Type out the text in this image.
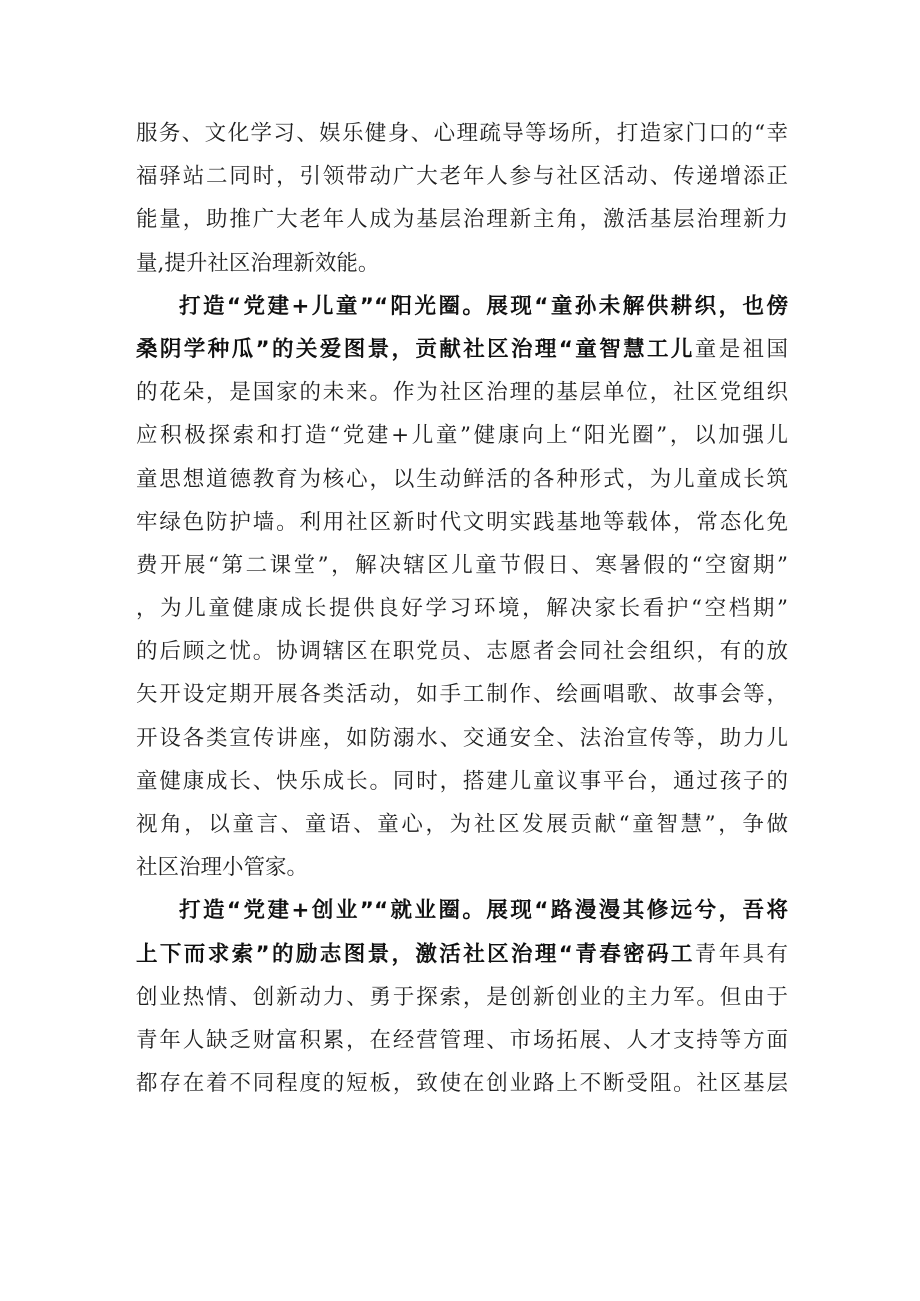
服务、文化学习、娱乐健身、心理疏导等场所，打造家门口的“幸
福驿站二同时，引领带动广大老年人参与社区活动、传递增添正
能量，助推广大老年人成为基层治理新主角，激活基层治理新力
量,提升社区治理新效能。
打造“党建+儿童”“阳光圈。展现“童孙未解供耕织，也傍
桑阴学种瓜”的关爱图景，贡献社区治理“童智慧工儿童是祖国
的花朵，是国家的未来。作为社区治理的基层单位，社区党组织
应积极探索和打造“党建+儿童”健康向上“阳光圈”，以加强儿
童思想道德教育为核心，以生动鲜活的各种形式，为儿童成长筑
牢绿色防护墙。利用社区新时代文明实践基地等载体，常态化免
费开展“第二课堂”，解决辖区儿童节假日、寒暑假的“空窗期”
，为儿童健康成长提供良好学习环境，解决家长看护“空档期”
的后顾之忧。协调辖区在职党员、志愿者会同社会组织，有的放
矢开设定期开展各类活动，如手工制作、绘画唱歌、故事会等，
开设各类宣传讲座，如防溺水、交通安全、法治宣传等，助力儿
童健康成长、快乐成长。同时，搭建儿童议事平台，通过孩子的
视角，以童言、童语、童心，为社区发展贡献“童智慧”，争做
社区治理小管家。
打造“党建+创业”“就业圈。展现“路漫漫其修远兮，吾将
上下而求索”的励志图景，激活社区治理“青春密码工青年具有
创业热情、创新动力、勇于探索，是创新创业的主力军。但由于
青年人缺乏财富积累，在经营管理、市场拓展、人才支持等方面
都存在着不同程度的短板，致使在创业路上不断受阻。社区基层
